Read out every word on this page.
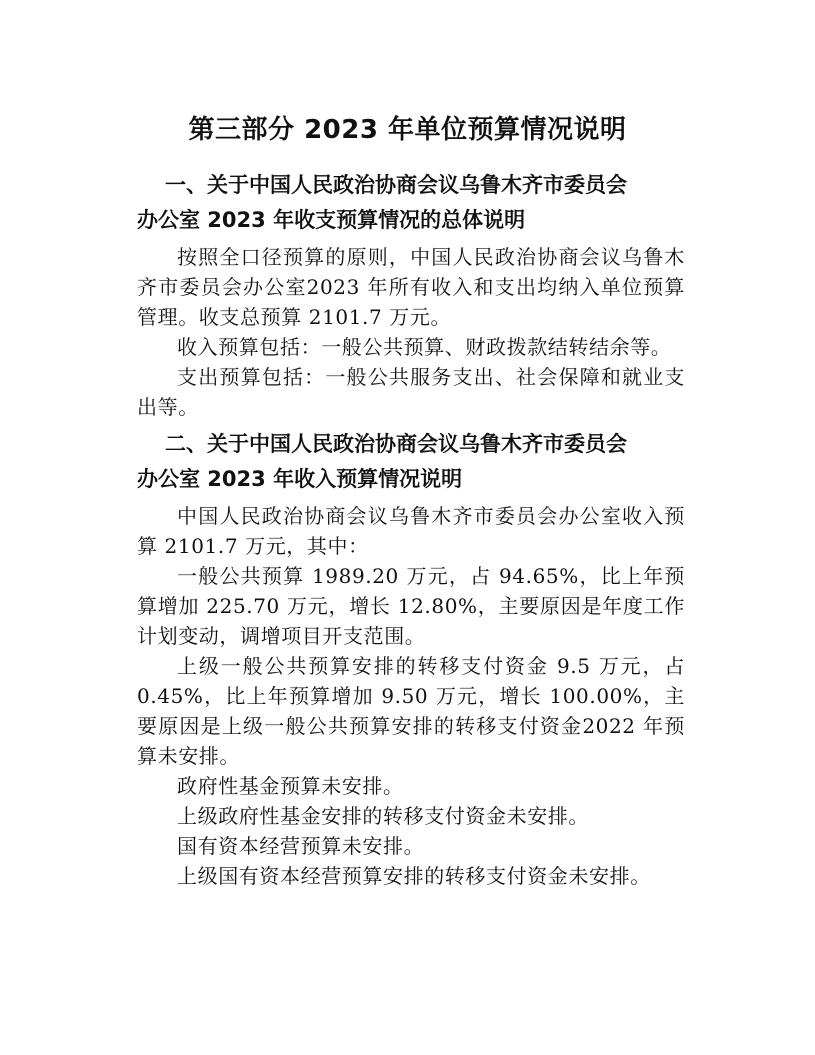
第三部分 2023 年单位预算情况说明
一、关于中国人民政治协商会议乌鲁木齐市委员会
办公室 2023 年收支预算情况的总体说明

按照全口径预算的原则，中国人民政治协商会议乌鲁木齐市委员会办公室2023 年所有收入和支出均纳入单位预算管理。收支总预算 2101.7 万元。

收入预算包括：一般公共预算、财政拨款结转结余等。

支出预算包括：一般公共服务支出、社会保障和就业支出等。

二、关于中国人民政治协商会议乌鲁木齐市委员会
办公室 2023 年收入预算情况说明

中国人民政治协商会议乌鲁木齐市委员会办公室收入预算 2101.7 万元，其中：

一般公共预算 1989.20 万元，占 94.65%，比上年预算增加 225.70 万元，增长 12.80%，主要原因是年度工作计划变动，调增项目开支范围。

上级一般公共预算安排的转移支付资金 9.5 万元，占 0.45%，比上年预算增加 9.50 万元，增长 100.00%，主要原因是上级一般公共预算安排的转移支付资金2022 年预算未安排。

政府性基金预算未安排。

上级政府性基金安排的转移支付资金未安排。

国有资本经营预算未安排。

上级国有资本经营预算安排的转移支付资金未安排。
